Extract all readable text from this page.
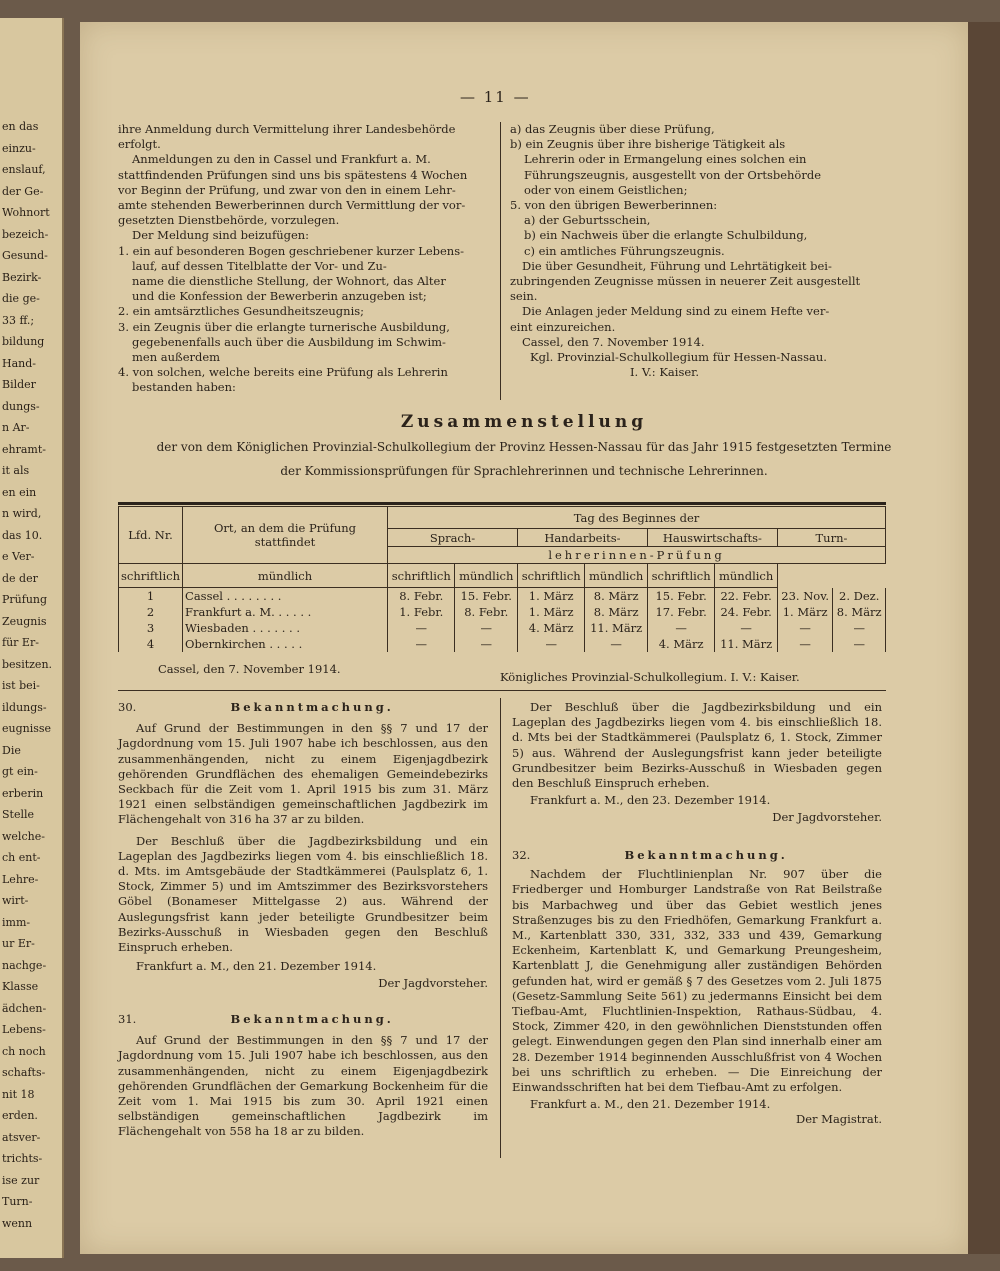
en das
einzu-
enslauf,
der Ge-
Wohnort
bezeich-
Gesund-
Bezirk-
die ge-
33 ff.;
bildung
Hand-
Bilder
dungs-
n Ar-
ehramt-
it als
en ein
n wird,
das 10.
e Ver-
de der
Prüfung
Zeugnis
für Er-
besitzen.
ist bei-
ildungs-
eugnisse
Die
gt ein-
erberin
Stelle
welche-
ch ent-
Lehre-
wirt-
imm-
ur Er-
nachge-
Klasse
ädchen-
Lebens-
ch noch
schafts-
nit 18
erden.
atsver-
trichts-
ise zur
Turn-
wenn
— 11 —
ihre Anmeldung durch Vermittelung ihrer Landesbehörde
erfolgt.
Anmeldungen zu den in Cassel und Frankfurt a. M.
stattfindenden Prüfungen sind uns bis spätestens 4 Wochen
vor Beginn der Prüfung, und zwar von den in einem Lehr-
amte stehenden Bewerberinnen durch Vermittlung der vor-
gesetzten Dienstbehörde, vorzulegen.
Der Meldung sind beizufügen:
1. ein auf besonderen Bogen geschriebener kurzer Lebens-
lauf, auf dessen Titelblatte der Vor- und Zu-
name die dienstliche Stellung, der Wohnort, das Alter
und die Konfession der Bewerberin anzugeben ist;
2. ein amtsärztliches Gesundheitszeugnis;
3. ein Zeugnis über die erlangte turnerische Ausbildung,
gegebenenfalls auch über die Ausbildung im Schwim-
men außerdem
4. von solchen, welche bereits eine Prüfung als Lehrerin
bestanden haben:
a) das Zeugnis über diese Prüfung,
b) ein Zeugnis über ihre bisherige Tätigkeit als
Lehrerin oder in Ermangelung eines solchen ein
Führungszeugnis, ausgestellt von der Ortsbehörde
oder von einem Geistlichen;
5. von den übrigen Bewerberinnen:
a) der Geburtsschein,
b) ein Nachweis über die erlangte Schulbildung,
c) ein amtliches Führungszeugnis.
Die über Gesundheit, Führung und Lehrtätigkeit bei-
zubringenden Zeugnisse müssen in neuerer Zeit ausgestellt
sein.
Die Anlagen jeder Meldung sind zu einem Hefte ver-
eint einzureichen.
Cassel, den 7. November 1914.
Kgl. Provinzial-Schulkollegium für Hessen-Nassau.
I. V.: Kaiser.
Zusammenstellung
der von dem Königlichen Provinzial-Schulkollegium der Provinz Hessen-Nassau für das Jahr 1915 festgesetzten Termine
der Kommissionsprüfungen für Sprachlehrerinnen und technische Lehrerinnen.
Lfd. Nr.	Ort, an dem die Prüfung stattfindet	Tag des Beginnes der							
		Sprach-		Handarbeits-		Hauswirtschafts-		Turn-	
		lehrerinnen-Prüfung							
schriftlich	mündlich	schriftlich	mündlich	schriftlich	mündlich	schriftlich	mündlich		
1	Cassel . . . . . . . .	8. Febr.	15. Febr.	1. März	8. März	15. Febr.	22. Febr.	23. Nov.	2. Dez.
2	Frankfurt a. M. . . . . .	1. Febr.	8. Febr.	1. März	8. März	17. Febr.	24. Febr.	1. März	8. März
3	Wiesbaden . . . . . . .	—	—	4. März	11. März	—	—	—	—
4	Obernkirchen . . . . .	—	—	—	—	4. März	11. März	—	—
Cassel, den 7. November 1914.
Königliches Provinzial-Schulkollegium. I. V.: Kaiser.
30.	Bekanntmachung.

Auf Grund der Bestimmungen in den §§ 7 und 17 der Jagdordnung vom 15. Juli 1907 habe ich beschlossen, aus den zusammenhängenden, nicht zu einem Eigenjagdbezirk gehörenden Grundflächen des ehemaligen Gemeindebezirks Seckbach für die Zeit vom 1. April 1915 bis zum 31. März 1921 einen selbständigen gemeinschaftlichen Jagdbezirk im Flächengehalt von 316 ha 37 ar zu bilden.

Der Beschluß über die Jagdbezirksbildung und ein Lageplan des Jagdbezirks liegen vom 4. bis einschließlich 18. d. Mts. im Amtsgebäude der Stadtkämmerei (Paulsplatz 6, 1. Stock, Zimmer 5) und im Amtszimmer des Bezirksvorstehers Göbel (Bonameser Mittelgasse 2) aus. Während der Auslegungsfrist kann jeder beteiligte Grundbesitzer beim Bezirks-Ausschuß in Wiesbaden gegen den Beschluß Einspruch erheben.

Frankfurt a. M., den 21. Dezember 1914.

Der Jagdvorsteher.

31.	Bekanntmachung.

Auf Grund der Bestimmungen in den §§ 7 und 17 der Jagdordnung vom 15. Juli 1907 habe ich beschlossen, aus den zusammenhängenden, nicht zu einem Eigenjagdbezirk gehörenden Grundflächen der Gemarkung Bockenheim für die Zeit vom 1. Mai 1915 bis zum 30. April 1921 einen selbständigen gemeinschaftlichen Jagdbezirk im Flächengehalt von 558 ha 18 ar zu bilden.

Der Beschluß über die Jagdbezirksbildung und ein Lageplan des Jagdbezirks liegen vom 4. bis einschließlich 18. d. Mts bei der Stadtkämmerei (Paulsplatz 6, 1. Stock, Zimmer 5) aus. Während der Auslegungsfrist kann jeder beteiligte Grundbesitzer beim Bezirks-Ausschuß in Wiesbaden gegen den Beschluß Einspruch erheben.

Frankfurt a. M., den 23. Dezember 1914.

Der Jagdvorsteher.

32.	Bekanntmachung.

Nachdem der Fluchtlinienplan Nr. 907 über die Friedberger und Homburger Landstraße von Rat Beilstraße bis Marbachweg und über das Gebiet westlich jenes Straßenzuges bis zu den Friedhöfen, Gemarkung Frankfurt a. M., Kartenblatt 330, 331, 332, 333 und 439, Gemarkung Eckenheim, Kartenblatt K, und Gemarkung Preungesheim, Kartenblatt J, die Genehmigung aller zuständigen Behörden gefunden hat, wird er gemäß § 7 des Gesetzes vom 2. Juli 1875 (Gesetz-Sammlung Seite 561) zu jedermanns Einsicht bei dem Tiefbau-Amt, Fluchtlinien-Inspektion, Rathaus-Südbau, 4. Stock, Zimmer 420, in den gewöhnlichen Dienststunden offen gelegt. Einwendungen gegen den Plan sind innerhalb einer am 28. Dezember 1914 beginnenden Ausschlußfrist von 4 Wochen bei uns schriftlich zu erheben. — Die Einreichung der Einwandsschriften hat bei dem Tiefbau-Amt zu erfolgen.

Frankfurt a. M., den 21. Dezember 1914.

Der Magistrat.
